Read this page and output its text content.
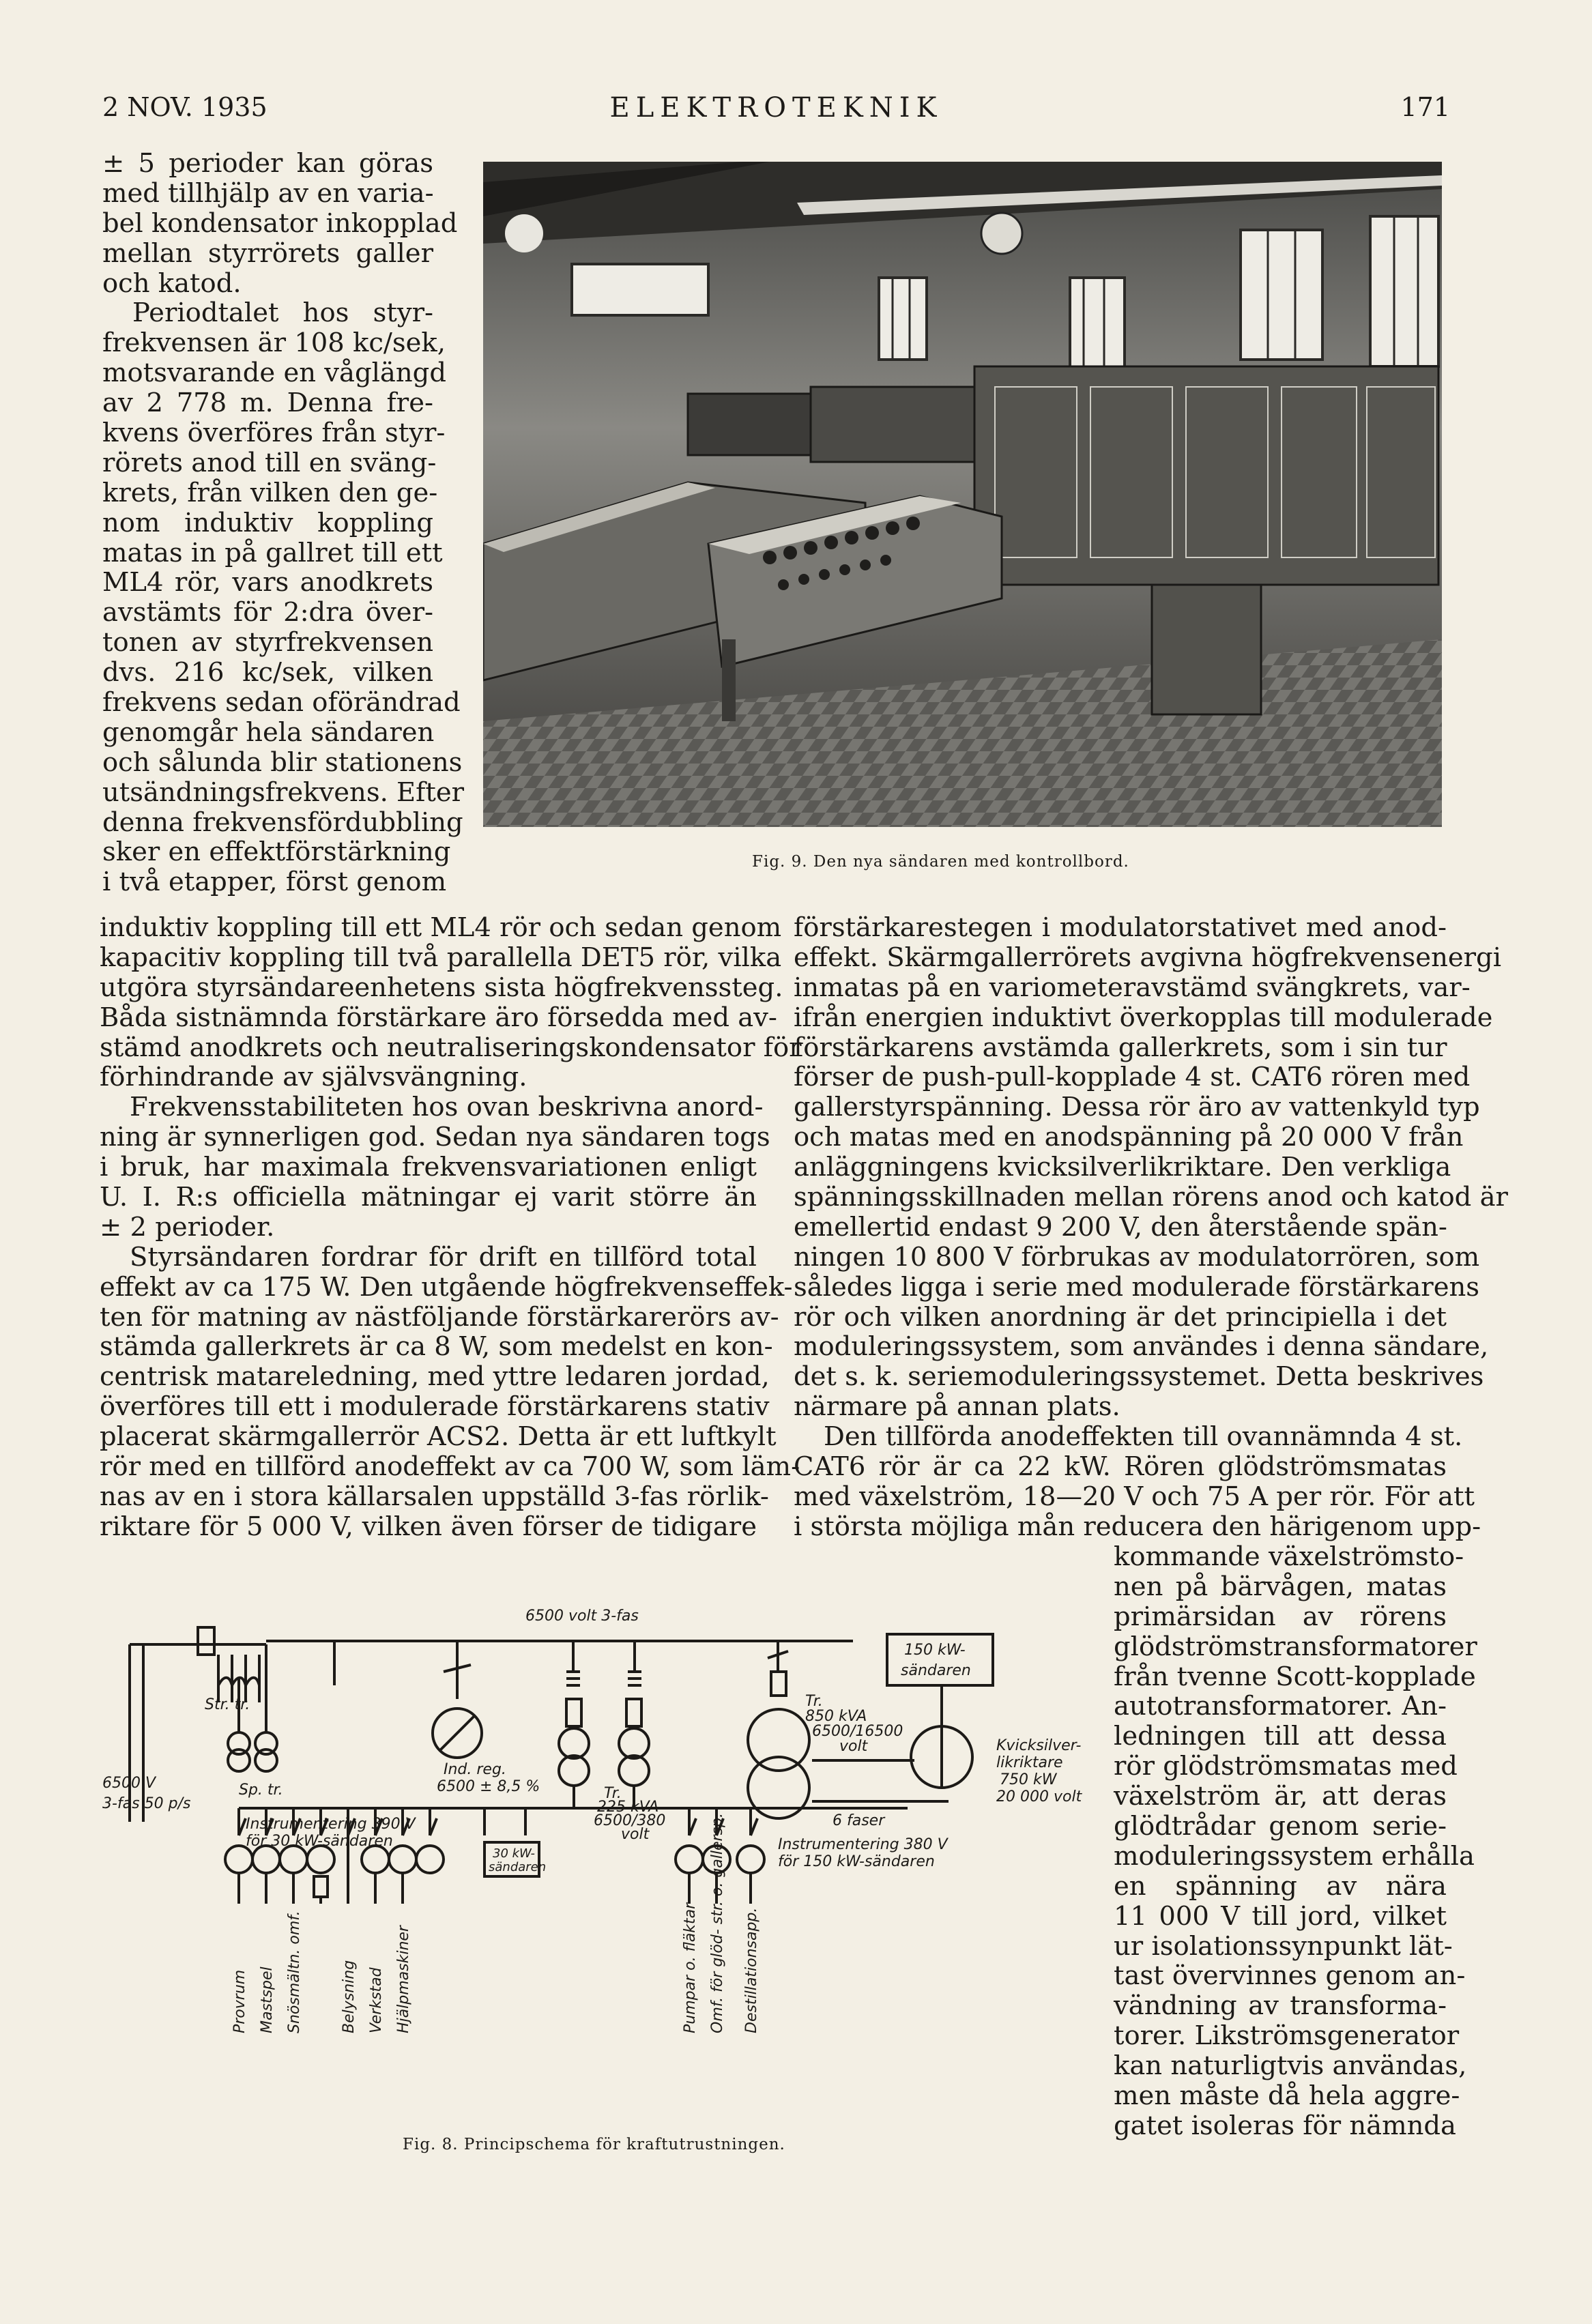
2 NOV. 1935	ELEKTROTEKNIK	171
± 5 perioder kan göras
med tillhjälp av en varia-
bel kondensator inkopplad
mellan styrrörets galler
och katod.
Periodtalet hos styr-
frekvensen är 108 kc/sek,
motsvarande en våglängd
av 2 778 m. Denna fre-
kvens överföres från styr-
rörets anod till en sväng-
krets, från vilken den ge-
nom induktiv koppling
matas in på gallret till ett
ML4 rör, vars anodkrets
avstämts för 2:dra över-
tonen av styrfrekvensen
dvs. 216 kc/sek, vilken
frekvens sedan oförändrad
genomgår hela sändaren
och sålunda blir stationens
utsändningsfrekvens. Efter
denna frekvensfördubbling
sker en effektförstärkning
i två etapper, först genom
Fig. 9. Den nya sändaren med kontrollbord.
induktiv koppling till ett ML4 rör och sedan genom
kapacitiv koppling till två parallella DET5 rör, vilka
utgöra styrsändareenhetens sista högfrekvenssteg.
Båda sistnämnda förstärkare äro försedda med av-
stämd anodkrets och neutraliseringskondensator för
förhindrande av självsvängning.
Frekvensstabiliteten hos ovan beskrivna anord-
ning är synnerligen god. Sedan nya sändaren togs
i bruk, har maximala frekvensvariationen enligt
U. I. R:s officiella mätningar ej varit större än
± 2 perioder.
Styrsändaren fordrar för drift en tillförd total
effekt av ca 175 W. Den utgående högfrekvenseffek-
ten för matning av nästföljande förstärkarerörs av-
stämda gallerkrets är ca 8 W, som medelst en kon-
centrisk matareledning, med yttre ledaren jordad,
överföres till ett i modulerade förstärkarens stativ
placerat skärmgallerrör ACS2. Detta är ett luftkylt
rör med en tillförd anodeffekt av ca 700 W, som läm-
nas av en i stora källarsalen uppställd 3-fas rörlik-
riktare för 5 000 V, vilken även förser de tidigare
förstärkarestegen i modulatorstativet med anod-
effekt. Skärmgallerrörets avgivna högfrekvensenergi
inmatas på en variometeravstämd svängkrets, var-
ifrån energien induktivt överkopplas till modulerade
förstärkarens avstämda gallerkrets, som i sin tur
förser de push-pull-kopplade 4 st. CAT6 rören med
gallerstyrspänning. Dessa rör äro av vattenkyld typ
och matas med en anodspänning på 20 000 V från
anläggningens kvicksilverlikriktare. Den verkliga
spänningsskillnaden mellan rörens anod och katod är
emellertid endast 9 200 V, den återstående spän-
ningen 10 800 V förbrukas av modulatorrören, som
således ligga i serie med modulerade förstärkarens
rör och vilken anordning är det principiella i det
moduleringssystem, som användes i denna sändare,
det s. k. seriemoduleringssystemet. Detta beskrives
närmare på annan plats.
Den tillförda anodeffekten till ovannämnda 4 st.
CAT6 rör är ca 22 kW. Rören glödströmsmatas
med växelström, 18—20 V och 75 A per rör. För att
i största möjliga mån reducera den härigenom upp-
kommande växelströmsto-
nen på bärvågen, matas
primärsidan av rörens
glödströmstransformatorer
från tvenne Scott-kopplade
autotransformatorer. An-
ledningen till att dessa
rör glödströmsmatas med
växelström är, att deras
glödtrådar genom serie-
moduleringssystem erhålla
en spänning av nära
11 000 V till jord, vilket
ur isolationssynpunkt lät-
tast övervinnes genom an-
vändning av transforma-
torer. Likströmsgenerator
kan naturligtvis användas,
men måste då hela aggre-
gatet isoleras för nämnda
6500 volt 3-fas
150 kW-
sändaren
Str. tr.
Sp. tr.
6500 V
3-fas 50 p/s
Ind. reg.
6500 ± 8,5 %
Instrumentering 390 V
för 30 kW-sändaren
Tr.
225 kVA
6500/380
volt
Tr.
850 kVA
6500/16500
volt	Kvicksilver-
likriktare
750 kW
20 000 volt
6 faser
Instrumentering 380 V
för 150 kW-sändaren
30 kW-
sändaren
Provrum Mastspel Snösmältn. omf.	Belysning Verkstad Hjälpmaskiner	Pumpar o. fläktar Omf. för glöd- str. o. gallersp. Destillationsapp.
Fig. 8. Principschema för kraftutrustningen.
